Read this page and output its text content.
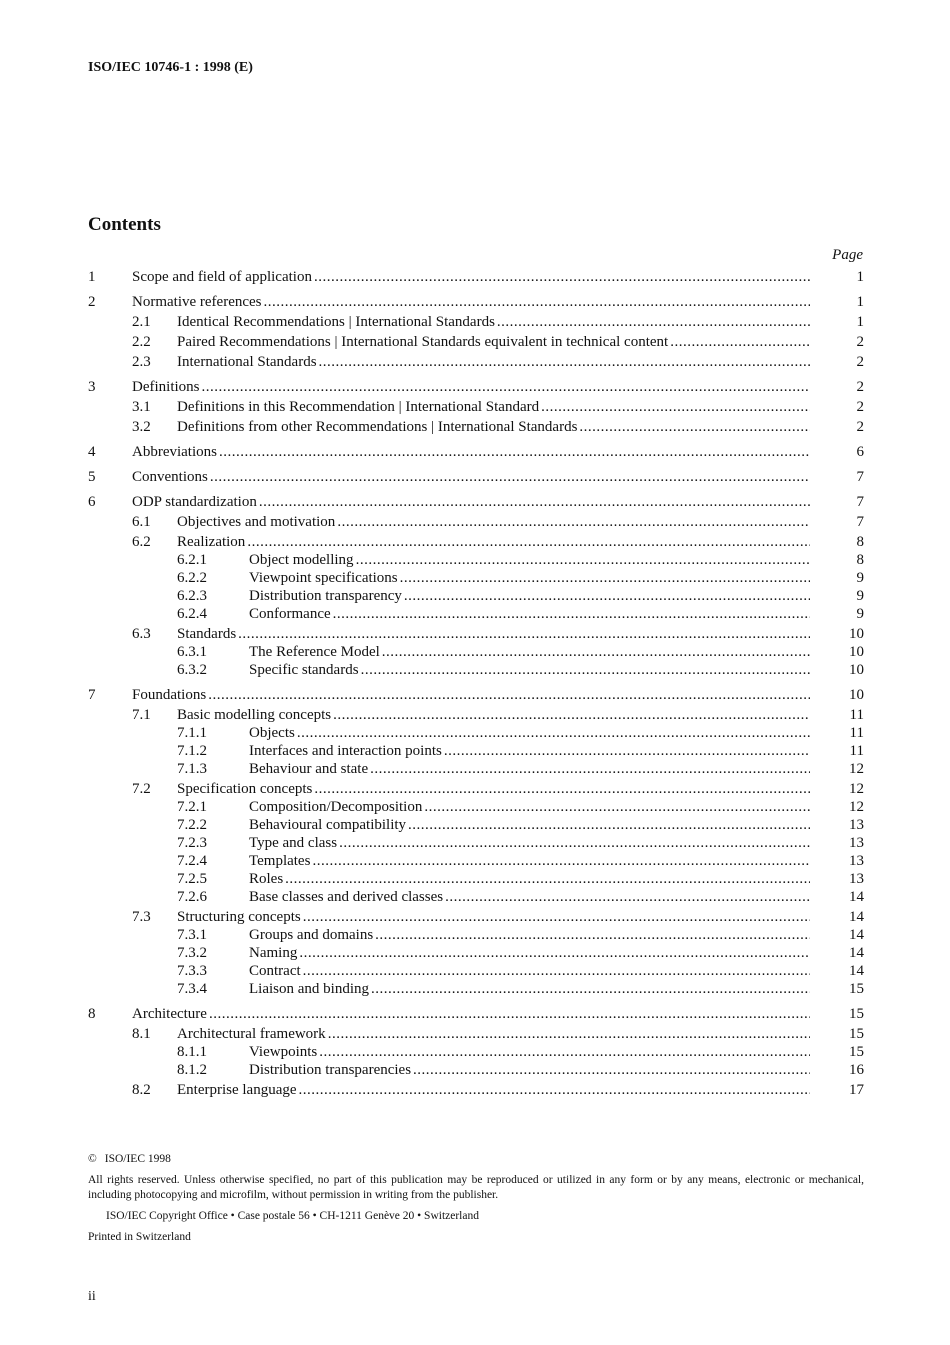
ISO/IEC 10746-1 : 1998 (E)
Contents
Page
1 Scope and field of application .....	1
2 Normative references .....	1
2.1 Identical Recommendations | International Standards .....	1
2.2 Paired Recommendations | International Standards equivalent in technical content .....	2
2.3 International Standards .....	2
3 Definitions .....	2
3.1 Definitions in this Recommendation | International Standard .....	2
3.2 Definitions from other Recommendations | International Standards .....	2
4 Abbreviations .....	6
5 Conventions .....	7
6 ODP standardization .....	7
6.1 Objectives and motivation .....	7
6.2 Realization .....	8
6.2.1	Object modelling .....	8
6.2.2	Viewpoint specifications .....	9
6.2.3	Distribution transparency .....	9
6.2.4	Conformance .....	9
6.3 Standards .....	10
6.3.1	The Reference Model .....	10
6.3.2	Specific standards .....	10
7 Foundations .....	10
7.1 Basic modelling concepts .....	11
7.1.1	Objects .....	11
7.1.2	Interfaces and interaction points .....	11
7.1.3	Behaviour and state .....	12
7.2 Specification concepts .....	12
7.2.1	Composition/Decomposition .....	12
7.2.2	Behavioural compatibility .....	13
7.2.3	Type and class .....	13
7.2.4	Templates .....	13
7.2.5	Roles .....	13
7.2.6	Base classes and derived classes .....	14
7.3 Structuring concepts .....	14
7.3.1	Groups and domains .....	14
7.3.2	Naming .....	14
7.3.3	Contract .....	14
7.3.4	Liaison and binding .....	15
8 Architecture .....	15
8.1 Architectural framework .....	15
8.1.1	Viewpoints .....	15
8.1.2	Distribution transparencies .....	16
8.2 Enterprise language .....	17
© ISO/IEC 1998
All rights reserved. Unless otherwise specified, no part of this publication may be reproduced or utilized in any form or by any means, electronic or mechanical, including photocopying and microfilm, without permission in writing from the publisher.
ISO/IEC Copyright Office • Case postale 56 • CH-1211 Genève 20 • Switzerland
Printed in Switzerland
ii
